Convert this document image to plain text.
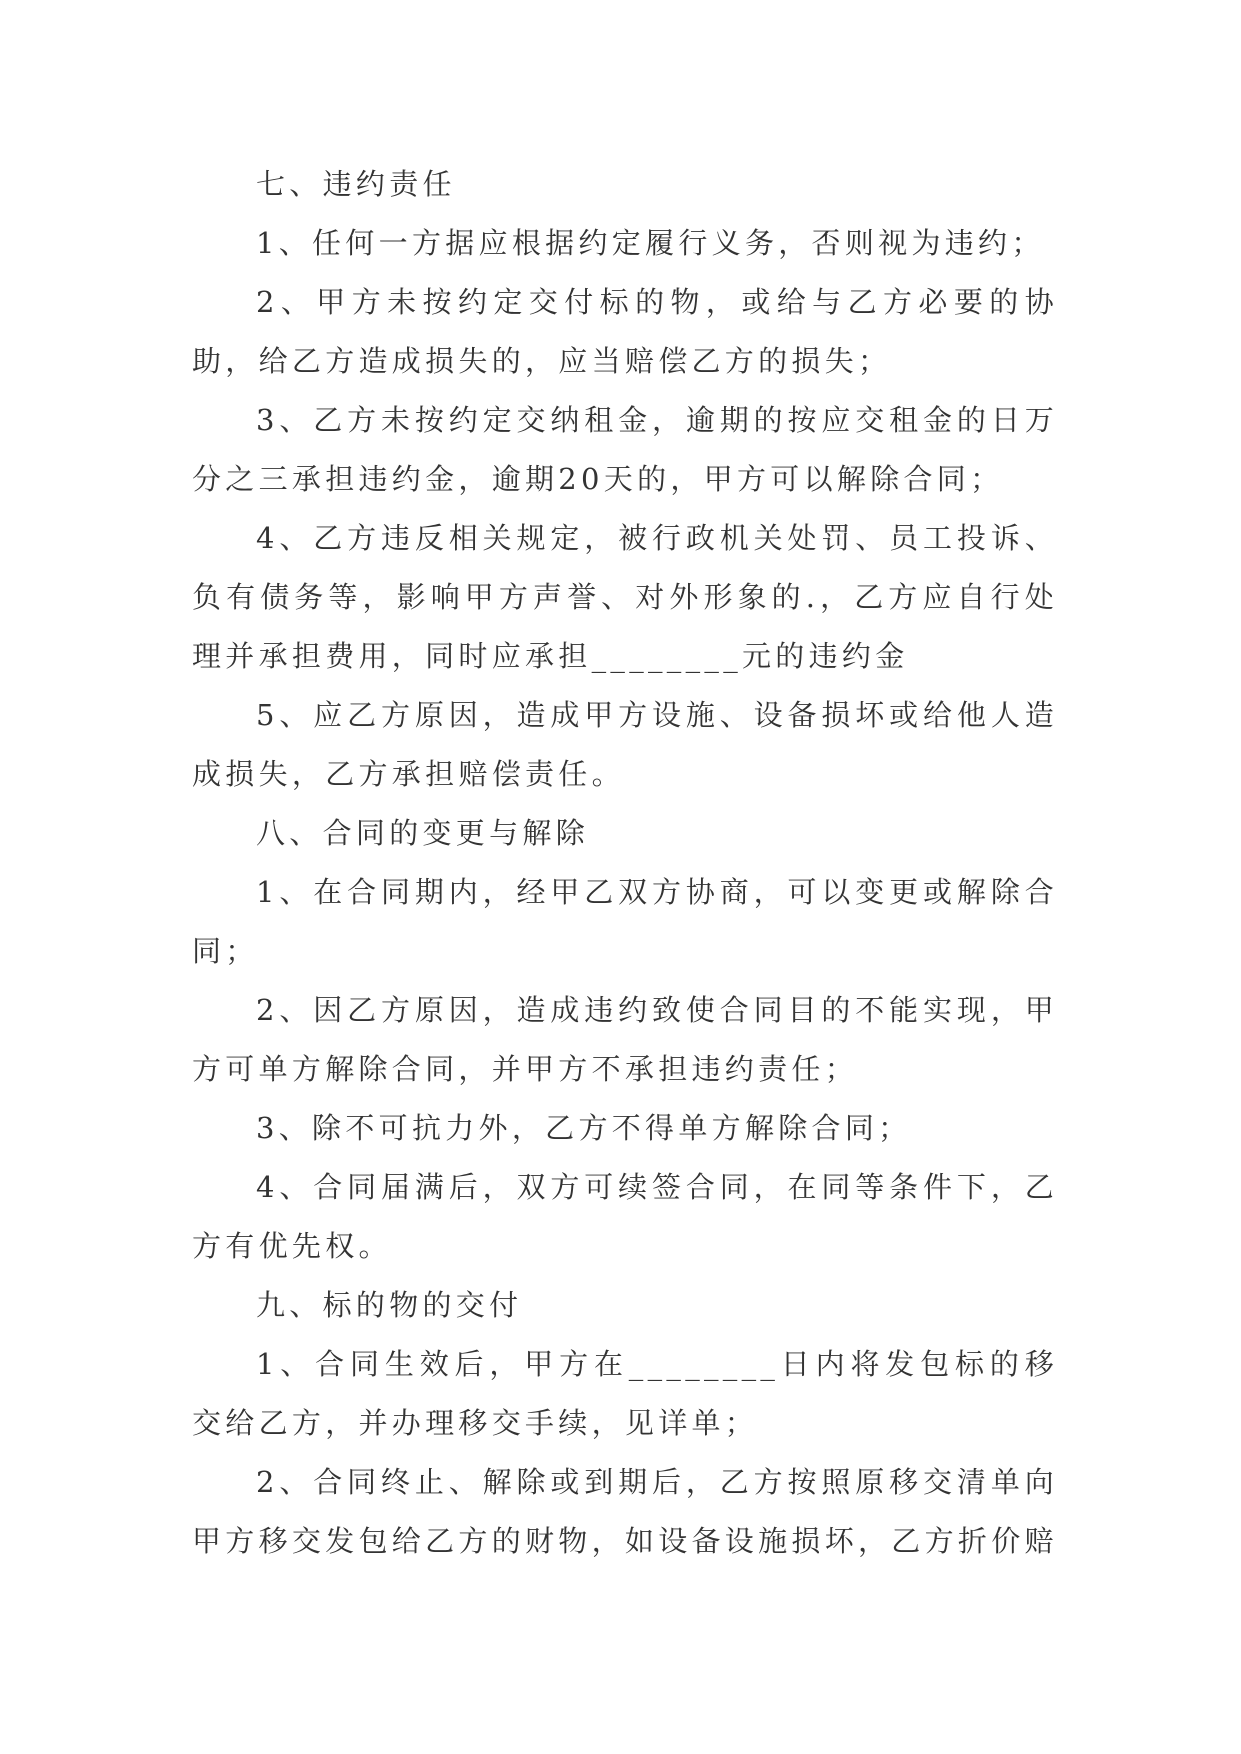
七、违约责任

1、任何一方据应根据约定履行义务，否则视为违约；

2、甲方未按约定交付标的物，或给与乙方必要的协助，给乙方造成损失的，应当赔偿乙方的损失；

3、乙方未按约定交纳租金，逾期的按应交租金的日万分之三承担违约金，逾期20天的，甲方可以解除合同；

4、乙方违反相关规定，被行政机关处罚、员工投诉、负有债务等，影响甲方声誉、对外形象的.，乙方应自行处理并承担费用，同时应承担________元的违约金

5、应乙方原因，造成甲方设施、设备损坏或给他人造成损失，乙方承担赔偿责任。

八、合同的变更与解除

1、在合同期内，经甲乙双方协商，可以变更或解除合同；

2、因乙方原因，造成违约致使合同目的不能实现，甲方可单方解除合同，并甲方不承担违约责任；

3、除不可抗力外，乙方不得单方解除合同；

4、合同届满后，双方可续签合同，在同等条件下，乙方有优先权。

九、标的物的交付

1、合同生效后，甲方在________日内将发包标的移交给乙方，并办理移交手续，见详单；

2、合同终止、解除或到期后，乙方按照原移交清单向甲方移交发包给乙方的财物，如设备设施损坏，乙方折价赔
